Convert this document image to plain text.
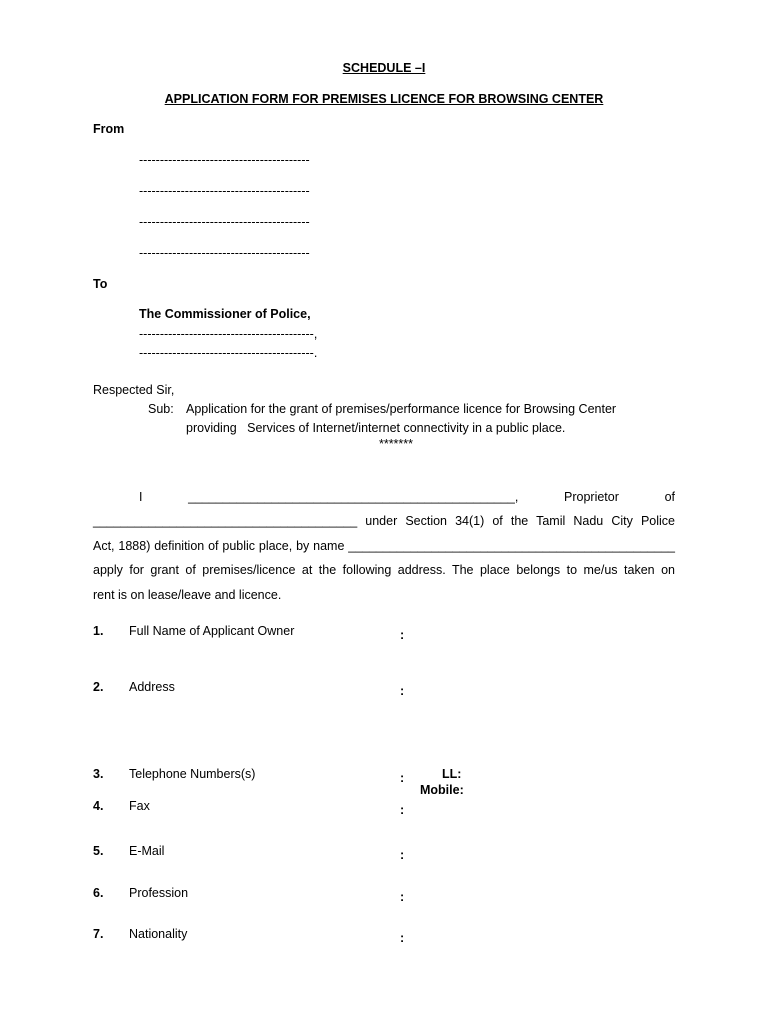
SCHEDULE –I
APPLICATION FORM FOR PREMISES LICENCE FOR BROWSING CENTER
From
-----------------------------------------
-----------------------------------------
-----------------------------------------
-----------------------------------------
To
The Commissioner of Police,
------------------------------------------,
------------------------------------------.
Respected Sir,
Sub: Application for the grant of premises/performance licence for Browsing Center
providing   Services of Internet/internet connectivity in a public place.
*******
I _______________________________________________, Proprietor of
______________________________________ under Section 34(1) of the Tamil Nadu City Police
Act, 1888) definition of public place, by name _______________________________________________
apply for grant of premises/licence at the following address. The place belongs to me/us taken on
rent is on lease/leave and licence.
1. Full Name of Applicant Owner	:
2. Address	:
3. Telephone Numbers(s)	:	LL:
Mobile:
4. Fax	:
5. E-Mail	:
6. Profession	:
7. Nationality	:
